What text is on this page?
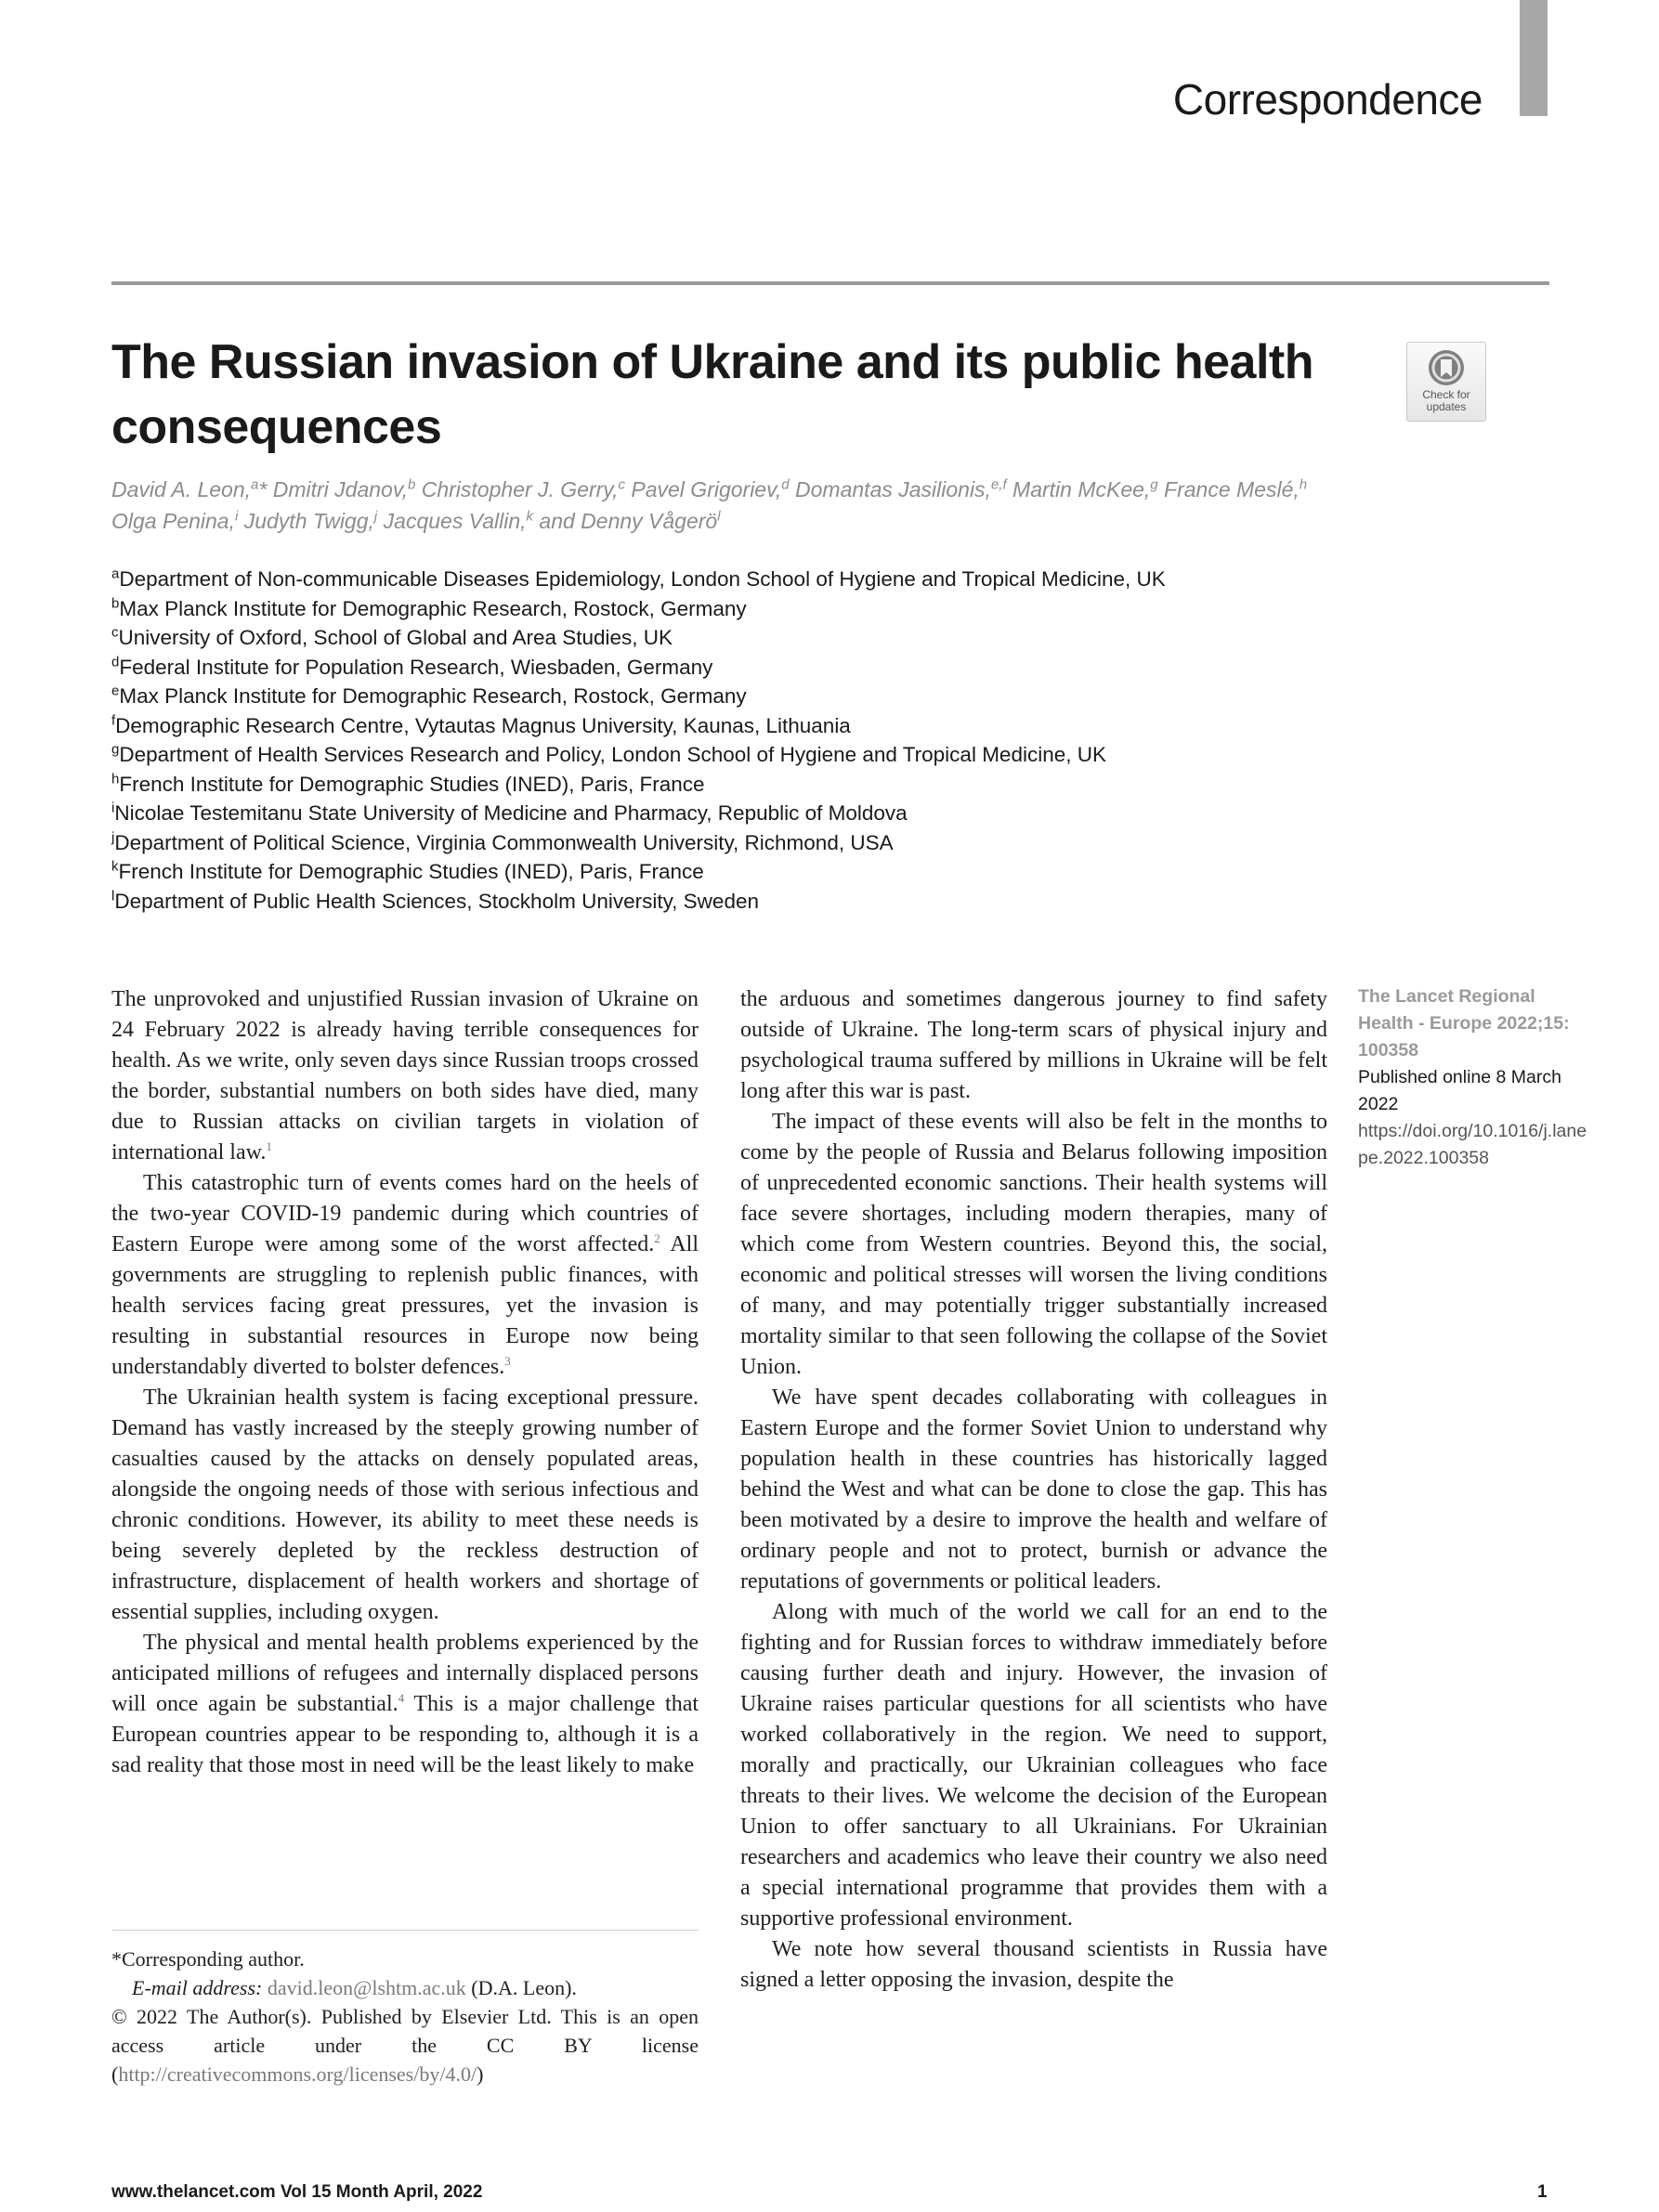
Correspondence
The Russian invasion of Ukraine and its public health consequences
Check for updates
David A. Leon,$^a$* Dmitri Jdanov,$^b$ Christopher J. Gerry,$^c$ Pavel Grigoriev,$^d$ Domantas Jasilionis,$^{e,f}$ Martin McKee,$^g$ France Meslé,$^h$
Olga Penina,$^i$ Judyth Twigg,$^j$ Jacques Vallin,$^k$ and Denny Vågerö$^l$
$^a$Department of Non-communicable Diseases Epidemiology, London School of Hygiene and Tropical Medicine, UK
$^b$Max Planck Institute for Demographic Research, Rostock, Germany
$^c$University of Oxford, School of Global and Area Studies, UK
$^d$Federal Institute for Population Research, Wiesbaden, Germany
$^e$Max Planck Institute for Demographic Research, Rostock, Germany
$^f$Demographic Research Centre, Vytautas Magnus University, Kaunas, Lithuania
$^g$Department of Health Services Research and Policy, London School of Hygiene and Tropical Medicine, UK
$^h$French Institute for Demographic Studies (INED), Paris, France
$^i$Nicolae Testemitanu State University of Medicine and Pharmacy, Republic of Moldova
$^j$Department of Political Science, Virginia Commonwealth University, Richmond, USA
$^k$French Institute for Demographic Studies (INED), Paris, France
$^l$Department of Public Health Sciences, Stockholm University, Sweden

The unprovoked and unjustified Russian invasion of Ukraine on 24 February 2022 is already having terrible consequences for health. As we write, only seven days since Russian troops crossed the border, substantial numbers on both sides have died, many due to Russian attacks on civilian targets in violation of international law.$^1$

This catastrophic turn of events comes hard on the heels of the two-year COVID-19 pandemic during which countries of Eastern Europe were among some of the worst affected.$^2$ All governments are struggling to replenish public finances, with health services facing great pressures, yet the invasion is resulting in substantial resources in Europe now being understandably diverted to bolster defences.$^3$

The Ukrainian health system is facing exceptional pressure. Demand has vastly increased by the steeply growing number of casualties caused by the attacks on densely populated areas, alongside the ongoing needs of those with serious infectious and chronic conditions. However, its ability to meet these needs is being severely depleted by the reckless destruction of infrastructure, displacement of health workers and shortage of essential supplies, including oxygen.

The physical and mental health problems experienced by the anticipated millions of refugees and internally displaced persons will once again be substantial.$^4$ This is a major challenge that European countries appear to be responding to, although it is a sad reality that those most in need will be the least likely to make

the arduous and sometimes dangerous journey to find safety outside of Ukraine. The long-term scars of physical injury and psychological trauma suffered by millions in Ukraine will be felt long after this war is past.

The impact of these events will also be felt in the months to come by the people of Russia and Belarus following imposition of unprecedented economic sanctions. Their health systems will face severe shortages, including modern therapies, many of which come from Western countries. Beyond this, the social, economic and political stresses will worsen the living conditions of many, and may potentially trigger substantially increased mortality similar to that seen following the collapse of the Soviet Union.

We have spent decades collaborating with colleagues in Eastern Europe and the former Soviet Union to understand why population health in these countries has historically lagged behind the West and what can be done to close the gap. This has been motivated by a desire to improve the health and welfare of ordinary people and not to protect, burnish or advance the reputations of governments or political leaders.

Along with much of the world we call for an end to the fighting and for Russian forces to withdraw immediately before causing further death and injury. However, the invasion of Ukraine raises particular questions for all scientists who have worked collaboratively in the region. We need to support, morally and practically, our Ukrainian colleagues who face threats to their lives. We welcome the decision of the European Union to offer sanctuary to all Ukrainians. For Ukrainian researchers and academics who leave their country we also need a special international programme that provides them with a supportive professional environment.

We note how several thousand scientists in Russia have signed a letter opposing the invasion, despite the

*Corresponding author.

E-mail address: david.leon@lshtm.ac.uk (D.A. Leon).

© 2022 The Author(s). Published by Elsevier Ltd. This is an open access article under the CC BY license (http://creativecommons.org/licenses/by/4.0/)

The Lancet Regional Health - Europe 2022;15: 100358
Published online 8 March 2022
https://doi.org/10.1016/j.lanepe.2022.100358
www.thelancet.com Vol 15 Month April, 2022	1
